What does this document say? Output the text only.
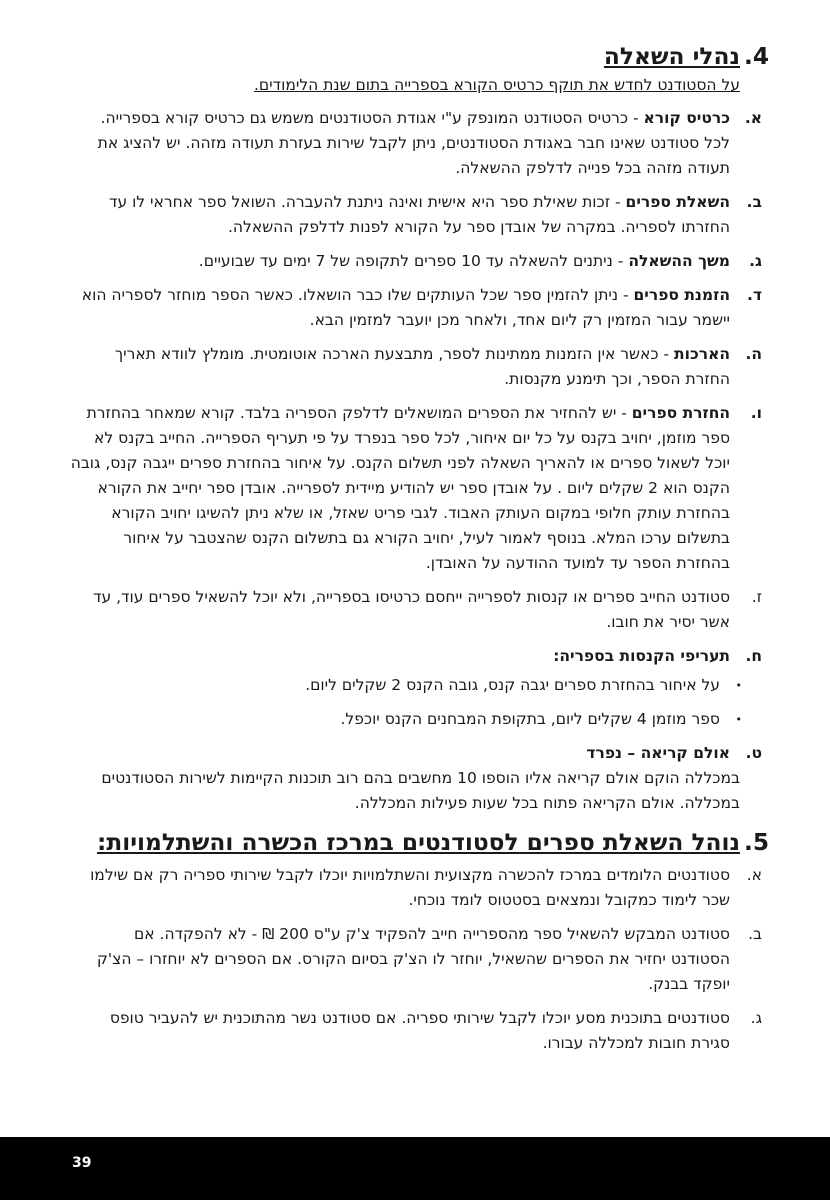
4.
נהלי השאלה
על הסטודנט לחדש את תוקף כרטיס הקורא בספרייה בתום שנת הלימודים.
א.
כרטיס קורא - כרטיס הסטודנט המונפק ע"י אגודת הסטודנטים משמש גם כרטיס קורא בספרייה. לכל סטודנט שאינו חבר באגודת הסטודנטים, ניתן לקבל שירות בעזרת תעודה מזהה. יש להציג את תעודה מזהה בכל פנייה לדלפק ההשאלה.
ב.
השאלת ספרים - זכות שאילת ספר היא אישית ואינה ניתנת להעברה. השואל ספר אחראי לו עד החזרתו לספריה. במקרה של אובדן ספר על הקורא לפנות לדלפק ההשאלה.
ג.
משך ההשאלה - ניתנים להשאלה עד 10 ספרים לתקופה של 7 ימים עד שבועיים.
ד.
הזמנת ספרים - ניתן להזמין ספר שכל העותקים שלו כבר הושאלו. כאשר הספר מוחזר לספריה הוא יישמר עבור המזמין רק ליום אחד, ולאחר מכן יועבר למזמין הבא.
ה.
הארכות - כאשר אין הזמנות ממתינות לספר, מתבצעת הארכה אוטומטית. מומלץ לוודא תאריך החזרת הספר, וכך תימנע מקנסות.
ו.
החזרת ספרים - יש להחזיר את הספרים המושאלים לדלפק הספריה בלבד. קורא שמאחר בהחזרת ספר מוזמן, יחויב בקנס על כל יום איחור, לכל ספר בנפרד על פי תעריף הספרייה. החייב בקנס לא יוכל לשאול ספרים או להאריך השאלה לפני תשלום הקנס. על איחור בהחזרת ספרים ייגבה קנס, גובה הקנס הוא 2 שקלים ליום . על אובדן ספר יש להודיע מיידית לספרייה. אובדן ספר יחייב את הקורא בהחזרת עותק חלופי במקום העותק האבוד. לגבי פריט שאזל, או שלא ניתן להשיגו יחויב הקורא בתשלום ערכו המלא. בנוסף לאמור לעיל, יחויב הקורא גם בתשלום הקנס שהצטבר על איחור בהחזרת הספר עד למועד ההודעה על האובדן.
ז.
סטודנט החייב ספרים או קנסות לספרייה ייחסם כרטיסו בספרייה, ולא יוכל להשאיל ספרים עוד, עד אשר יסיר את חובו.
ח.
תעריפי הקנסות בספריה:
•
על איחור בהחזרת ספרים יגבה קנס, גובה הקנס 2 שקלים ליום.
•
ספר מוזמן 4 שקלים ליום, בתקופת המבחנים הקנס יוכפל.
ט.
אולם קריאה – נפרד
במכללה הוקם אולם קריאה אליו הוספו 10 מחשבים בהם רוב תוכנות הקיימות לשירות הסטודנטים במכללה. אולם הקריאה פתוח בכל שעות פעילות המכללה.
5.
נוהל השאלת ספרים לסטודנטים במרכז הכשרה והשתלמויות:
א.
סטודנטים הלומדים במרכז להכשרה מקצועית והשתלמויות יוכלו לקבל שירותי ספריה רק אם שילמו שכר לימוד כמקובל ונמצאים בסטטוס לומד נוכחי.
ב.
סטודנט המבקש להשאיל ספר מהספרייה חייב להפקיד צ'ק ע"ס 200 ₪ - לא להפקדה. אם הסטודנט יחזיר את הספרים שהשאיל, יוחזר לו הצ'ק בסיום הקורס. אם הספרים לא יוחזרו – הצ'ק יופקד בבנק.
ג.
סטודנטים בתוכנית מסע יוכלו לקבל שירותי ספריה. אם סטודנט נשר מהתוכנית יש להעביר טופס סגירת חובות למכללה עבורו.
39
